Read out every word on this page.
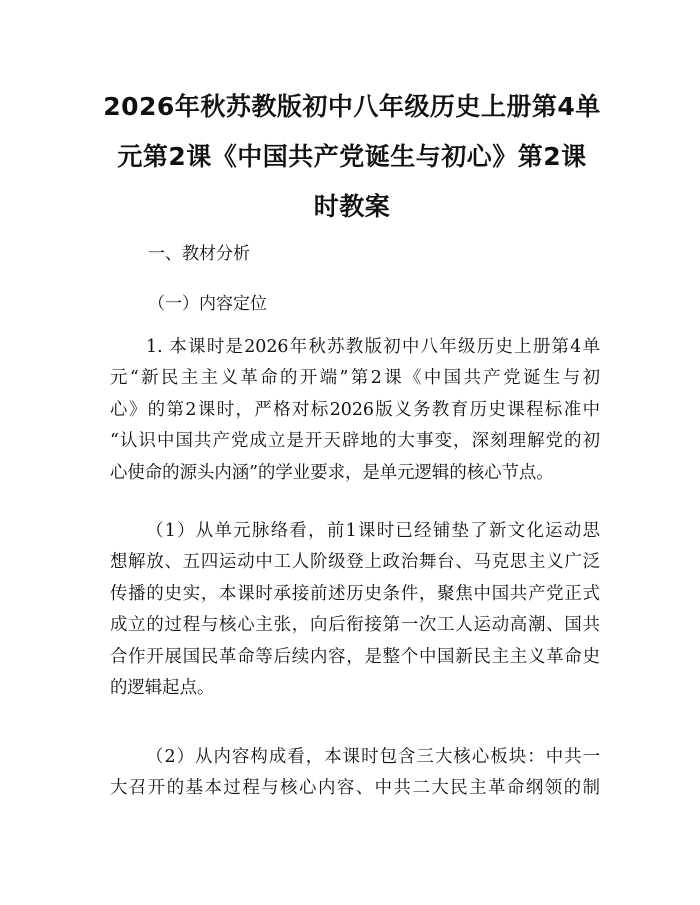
2026年秋苏教版初中八年级历史上册第4单
元第2课《中国共产党诞生与初心》第2课
时教案

一、教材分析

（一）内容定位

1. 本课时是2026年秋苏教版初中八年级历史上册第4单
元“新民主主义革命的开端”第2课《中国共产党诞生与初
心》的第2课时，严格对标2026版义务教育历史课程标准中
“认识中国共产党成立是开天辟地的大事变，深刻理解党的初
心使命的源头内涵”的学业要求，是单元逻辑的核心节点。
（1）从单元脉络看，前1课时已经铺垫了新文化运动思
想解放、五四运动中工人阶级登上政治舞台、马克思主义广泛
传播的史实，本课时承接前述历史条件，聚焦中国共产党正式
成立的过程与核心主张，向后衔接第一次工人运动高潮、国共
合作开展国民革命等后续内容，是整个中国新民主主义革命史
的逻辑起点。
（2）从内容构成看，本课时包含三大核心板块：中共一
大召开的基本过程与核心内容、中共二大民主革命纲领的制
